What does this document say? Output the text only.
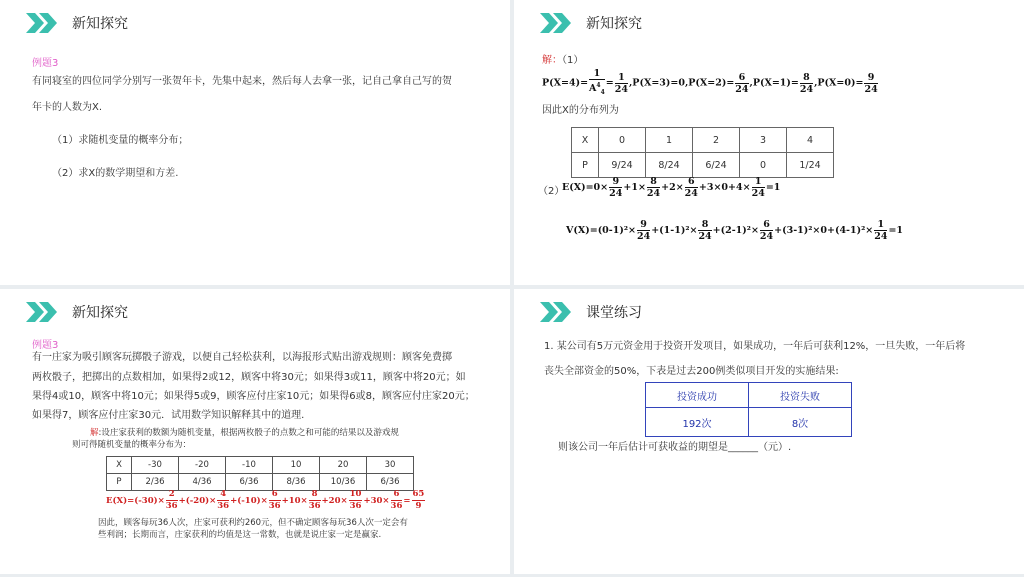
新知探究
例题3
有同寝室的四位同学分别写一张贺年卡，先集中起来，然后每人去拿一张，记自己拿自己写的贺
年卡的人数为X.
（1）求随机变量的概率分布；
（2）求X的数学期望和方差.
新知探究
解：（1）
$P(X=4)= \frac{1}{A^4_4} = \frac{1}{24} ,P(X=3)=0,P(X=2)= \frac{6}{24} ,P(X=1)= \frac{8}{24} ,P(X=0)= \frac{9}{24}$
因此X的分布列为
X	0	1	2	3	4
P	9/24	8/24	6/24	0	1/24
（2）
$E(X)=0\times \frac{9}{24} +1\times \frac{8}{24} +2\times \frac{6}{24} +3\times 0+4\times \frac{1}{24} =1$
$V(X)=(0-1)^2\times \frac{9}{24} +(1-1)^2\times \frac{8}{24} +(2-1)^2\times \frac{6}{24} +(3-1)^2\times 0+(4-1)^2\times \frac{1}{24} =1$
新知探究
例题3
有一庄家为吸引顾客玩掷骰子游戏，以便自己轻松获利，以海报形式贴出游戏规则：顾客免费掷
两枚骰子，把掷出的点数相加，如果得2或12，顾客中将30元；如果得3或11，顾客中将20元；如
果得4或10，顾客中将10元；如果得5或9，顾客应付庄家10元；如果得6或8，顾客应付庄家20元；
如果得7，顾客应付庄家30元．试用数学知识解释其中的道理.
解:设庄家获利的数额为随机变量，根据两枚骰子的点数之和可能的结果以及游戏规
则可得随机变量的概率分布为：
X	-30	-20	-10	10	20	30
P	2/36	4/36	6/36	8/36	10/36	6/36
$E(X)=(-30)\times \frac{2}{36} +(-20)\times \frac{4}{36} +(-10)\times \frac{6}{36} +10\times \frac{8}{36} +20\times \frac{10}{36} +30\times \frac{6}{36} = \frac{65}{9}$
因此，顾客每玩36人次，庄家可获利约260元，但不确定顾客每玩36人次一定会有
些利润；长期而言，庄家获利的均值是这一常数，也就是说庄家一定是赢家.
课堂练习
1. 某公司有5万元资金用于投资开发项目，如果成功，一年后可获利12%，一旦失败，一年后将
丧失全部资金的50%，下表是过去200例类似项目开发的实施结果:
投资成功	投资失败
192次	8次
则该公司一年后估计可获收益的期望是______（元）.
